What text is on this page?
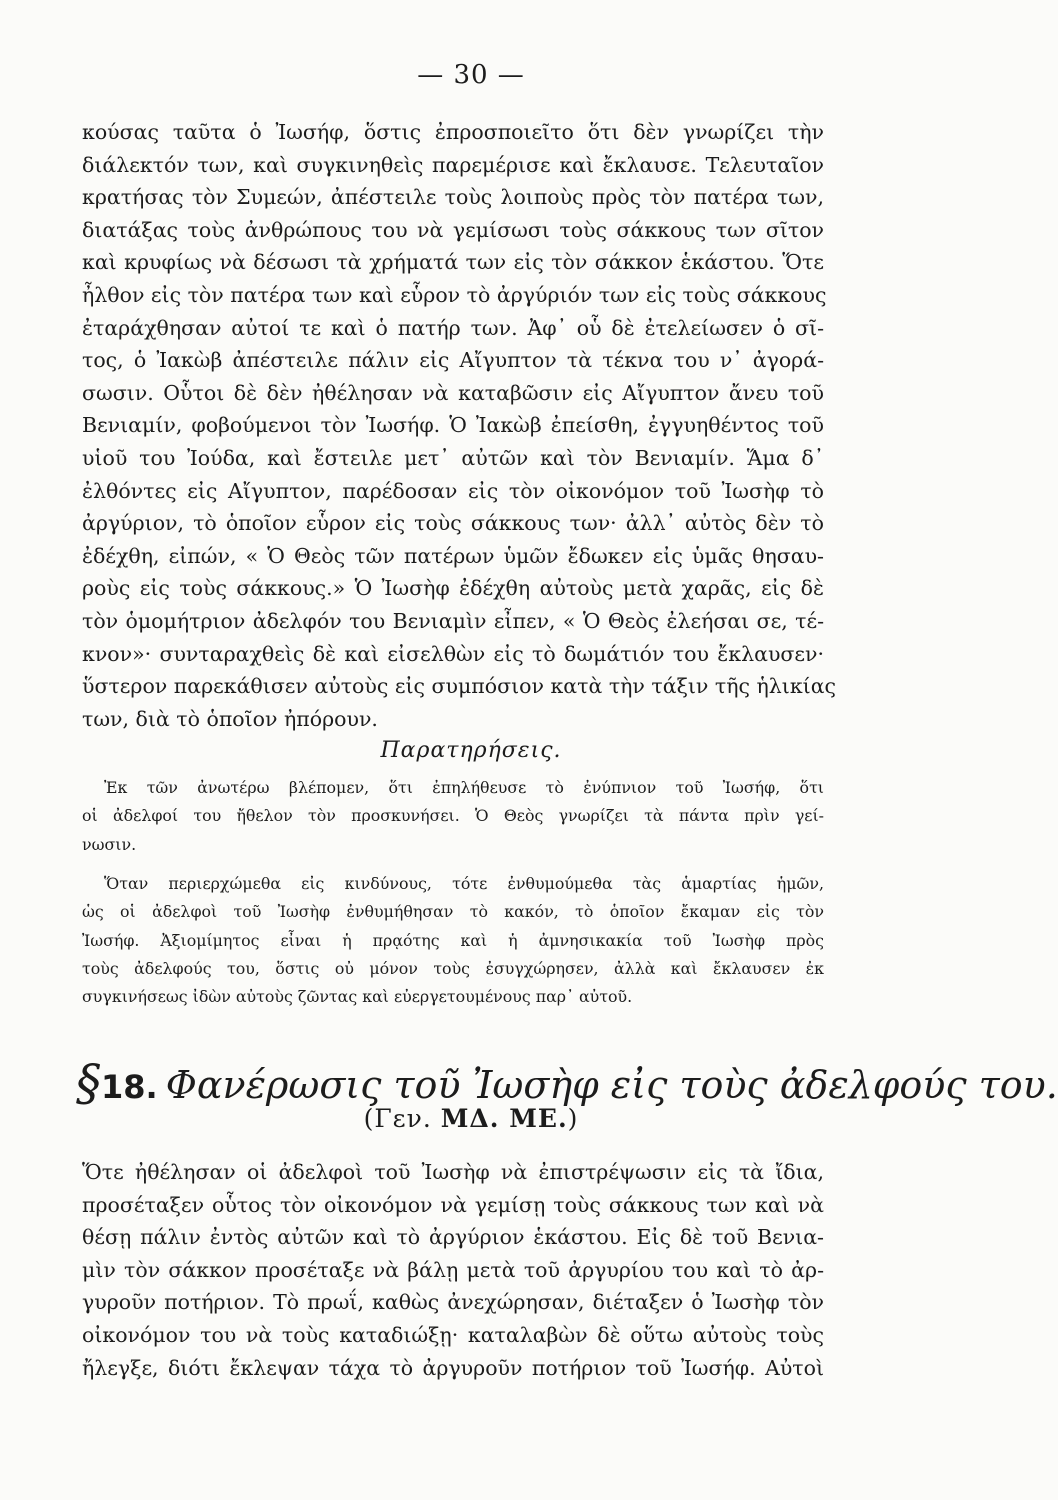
— 30 —
κούσας ταῦτα ὁ Ἰωσήφ, ὅστις ἐπροσποιεῖτο ὅτι δὲν γνωρίζει τὴν
διάλεκτόν των, καὶ συγκινηθεὶς παρεμέρισε καὶ ἔκλαυσε. Τελευταῖον
κρατήσας τὸν Συμεών, ἀπέστειλε τοὺς λοιποὺς πρὸς τὸν πατέρα των,
διατάξας τοὺς ἀνθρώπους του νὰ γεμίσωσι τοὺς σάκκους των σῖτον
καὶ κρυφίως νὰ δέσωσι τὰ χρήματά των εἰς τὸν σάκκον ἑκάστου. Ὅτε
ἦλθον εἰς τὸν πατέρα των καὶ εὗρον τὸ ἀργύριόν των εἰς τοὺς σάκκους
ἐταράχθησαν αὐτοί τε καὶ ὁ πατήρ των. Ἀφ᾽ οὗ δὲ ἐτελείωσεν ὁ σῖ-
τος, ὁ Ἰακὼβ ἀπέστειλε πάλιν εἰς Αἴγυπτον τὰ τέκνα του ν᾽ ἀγορά-
σωσιν. Οὗτοι δὲ δὲν ἠθέλησαν νὰ καταβῶσιν εἰς Αἴγυπτον ἄνευ τοῦ
Βενιαμίν, φοβούμενοι τὸν Ἰωσήφ. Ὁ Ἰακὼβ ἐπείσθη, ἐγγυηθέντος τοῦ
υἱοῦ του Ἰούδα, καὶ ἔστειλε μετ᾽ αὐτῶν καὶ τὸν Βενιαμίν. Ἅμα δ᾽
ἐλθόντες εἰς Αἴγυπτον, παρέδοσαν εἰς τὸν οἰκονόμον τοῦ Ἰωσὴφ τὸ
ἀργύριον, τὸ ὁποῖον εὗρον εἰς τοὺς σάκκους των· ἀλλ᾽ αὐτὸς δὲν τὸ
ἐδέχθη, εἰπών, « Ὁ Θεὸς τῶν πατέρων ὑμῶν ἔδωκεν εἰς ὑμᾶς θησαυ-
ροὺς εἰς τοὺς σάκκους.» Ὁ Ἰωσὴφ ἐδέχθη αὐτοὺς μετὰ χαρᾶς, εἰς δὲ
τὸν ὁμομήτριον ἀδελφόν του Βενιαμὶν εἶπεν, « Ὁ Θεὸς ἐλεήσαι σε, τέ-
κνον»· συνταραχθεὶς δὲ καὶ εἰσελθὼν εἰς τὸ δωμάτιόν του ἔκλαυσεν·
ὕστερον παρεκάθισεν αὐτοὺς εἰς συμπόσιον κατὰ τὴν τάξιν τῆς ἡλικίας
των, διὰ τὸ ὁποῖον ἠπόρουν.
Παρατηρήσεις.
Ἐκ τῶν ἀνωτέρω βλέπομεν, ὅτι ἐπηλήθευσε τὸ ἐνύπνιον τοῦ Ἰωσήφ, ὅτι
οἱ ἀδελφοί του ἤθελον τὸν προσκυνήσει. Ὁ Θεὸς γνωρίζει τὰ πάντα πρὶν γεί-
νωσιν.
Ὅταν περιερχώμεθα εἰς κινδύνους, τότε ἐνθυμούμεθα τὰς ἁμαρτίας ἡμῶν,
ὡς οἱ ἀδελφοὶ τοῦ Ἰωσὴφ ἐνθυμήθησαν τὸ κακόν, τὸ ὁποῖον ἔκαμαν εἰς τὸν
Ἰωσήφ. Ἀξιομίμητος εἶναι ἡ πρᾳότης καὶ ἡ ἀμνησικακία τοῦ Ἰωσὴφ πρὸς
τοὺς ἀδελφούς του, ὅστις οὐ μόνον τοὺς ἐσυγχώρησεν, ἀλλὰ καὶ ἔκλαυσεν ἐκ
συγκινήσεως ἰδὼν αὐτοὺς ζῶντας καὶ εὐεργετουμένους παρ᾽ αὐτοῦ.
§18. Φανέρωσις τοῦ Ἰωσὴφ εἰς τοὺς ἀδελφούς του.
(Γεν. ΜΔ. ΜΕ.)
Ὅτε ἠθέλησαν οἱ ἀδελφοὶ τοῦ Ἰωσὴφ νὰ ἐπιστρέψωσιν εἰς τὰ ἴδια,
προσέταξεν οὗτος τὸν οἰκονόμον νὰ γεμίσῃ τοὺς σάκκους των καὶ νὰ
θέσῃ πάλιν ἐντὸς αὐτῶν καὶ τὸ ἀργύριον ἑκάστου. Εἰς δὲ τοῦ Βενια-
μὶν τὸν σάκκον προσέταξε νὰ βάλῃ μετὰ τοῦ ἀργυρίου του καὶ τὸ ἀρ-
γυροῦν ποτήριον. Τὸ πρωΐ, καθὼς ἀνεχώρησαν, διέταξεν ὁ Ἰωσὴφ τὸν
οἰκονόμον του νὰ τοὺς καταδιώξῃ· καταλαβὼν δὲ οὕτω αὐτοὺς τοὺς
ἤλεγξε, διότι ἔκλεψαν τάχα τὸ ἀργυροῦν ποτήριον τοῦ Ἰωσήφ. Αὐτοὶ
